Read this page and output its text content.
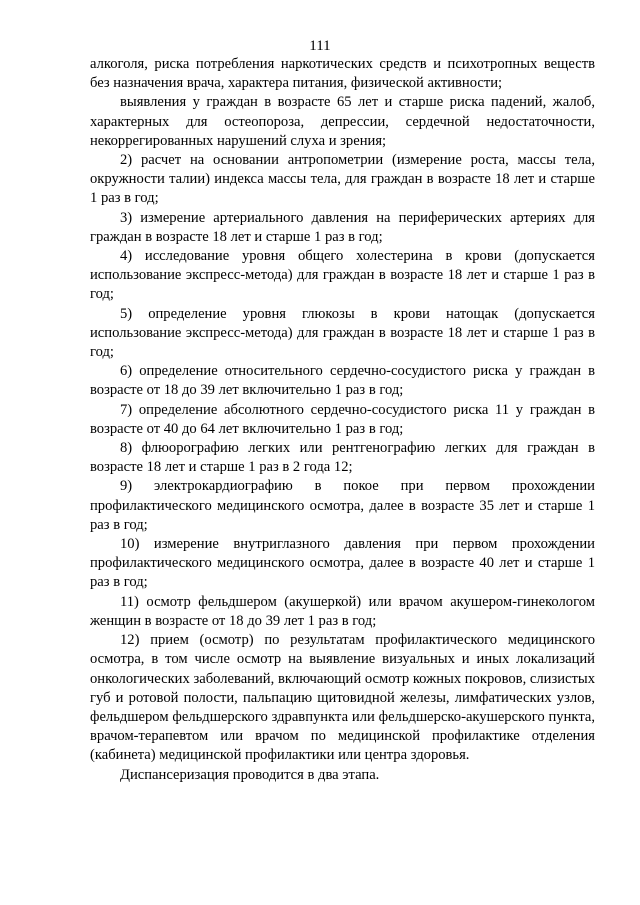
111

алкоголя, риска потребления наркотических средств и психотропных веществ без назначения врача, характера питания, физической активности;

выявления у граждан в возрасте 65 лет и старше риска падений, жалоб, характерных для остеопороза, депрессии, сердечной недостаточности, некоррегированных нарушений слуха и зрения;

2) расчет на основании антропометрии (измерение роста, массы тела, окружности талии) индекса массы тела, для граждан в возрасте 18 лет и старше 1 раз в год;

3) измерение артериального давления на периферических артериях для граждан в возрасте 18 лет и старше 1 раз в год;

4) исследование уровня общего холестерина в крови (допускается использование экспресс-метода) для граждан в возрасте 18 лет и старше 1 раз в год;

5) определение уровня глюкозы в крови натощак (допускается использование экспресс-метода) для граждан в возрасте 18 лет и старше 1 раз в год;

6) определение относительного сердечно-сосудистого риска у граждан в возрасте от 18 до 39 лет включительно 1 раз в год;

7) определение абсолютного сердечно-сосудистого риска 11 у граждан в возрасте от 40 до 64 лет включительно 1 раз в год;

8) флюорографию легких или рентгенографию легких для граждан в возрасте 18 лет и старше 1 раз в 2 года 12;

9) электрокардиографию в покое при первом прохождении профилактического медицинского осмотра, далее в возрасте 35 лет и старше 1 раз в год;

10) измерение внутриглазного давления при первом прохождении профилактического медицинского осмотра, далее в возрасте 40 лет и старше 1 раз в год;

11) осмотр фельдшером (акушеркой) или врачом акушером-гинекологом женщин в возрасте от 18 до 39 лет 1 раз в год;

12) прием (осмотр) по результатам профилактического медицинского осмотра, в том числе осмотр на выявление визуальных и иных локализаций онкологических заболеваний, включающий осмотр кожных покровов, слизистых губ и ротовой полости, пальпацию щитовидной железы, лимфатических узлов, фельдшером фельдшерского здравпункта или фельдшерско-акушерского пункта, врачом-терапевтом или врачом по медицинской профилактике отделения (кабинета) медицинской профилактики или центра здоровья.

Диспансеризация проводится в два этапа.
